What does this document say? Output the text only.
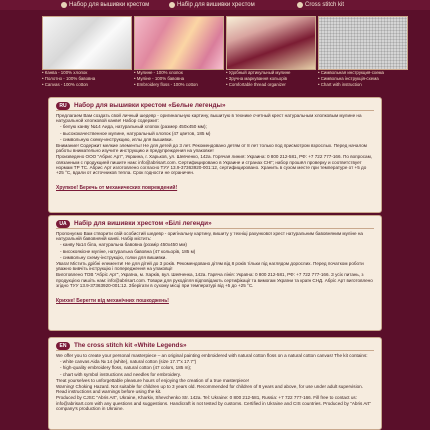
Набор для вышивки крестом	Набір для вишивки хрестом	Cross stitch kit
• Канва - 100% хлопок
• Полотно - 100% бавовна
• Canvas - 100% cotton
• Мулине - 100% хлопок
• Муліне - 100% бавовна
• Embroidery floss - 100% cotton
• Удобный артикульный мулине
• Зручна маркування кольорів
• Comfortable thread organizer
• Символьная инструкция-схема
• Символьна інструкція-схема
• Chart with instruction
RU	Набор для вышивки крестом «Белые легенды»

Предлагаем Вам создать свой личный шедевр - оригинальную картину, вышитую в технике счетный крест натуральным хлопковым мулине на натуральной хлопковой канве! Набор содержит:

- белую канву №14 Аида, натуральный хлопок (размер 450х450 мм);

- высококачественное мулине, натуральный хлопок (47 цветов, 185 м)

- символьную схему-инструкцию, иглы для вышивки.

Внимание! Содержит мелкие элементы! Не для детей до 3 лет. Рекомендовано детям от 8 лет только под присмотром взрослых. Перед началом работы внимательно изучите инструкцию и предупреждения на упаковке!

Произведено ООО "Абрис Арт", Украина, г. Харьков, ул. Шевченко, 142а. Горячая линия: Украина: 0 800 212-581, РФ: +7 722 777-166. По вопросам, связанным с продукцией пишите нам: info@abrisart.com. Сертифицировано в Украине и странах СНГ; набор прошёл проверку и соответствует нормам ТР ТС. Абрис Арт изготовлено согласно ТУУ 13.9-37363920-001:12, сертифицировано. Хранить в сухом месте при температуре от +5 до +25 °С, вдали от источников тепла. Срок годности не ограничен.

Хрупкое! Беречь от механических повреждений!
UA	Набір для вишивки хрестом «Білі легенди»

Пропонуємо Вам створити свій особистий шедевр - оригінальну картину, вишиту у техніці рахункової хрест натуральним бавовняним муліне на натуральній бавовняній канві. Набір містить:

- канву №14 біла, натуральна бавовна (розмір 450х450 мм)

- високоякісне муліне, натуральна бавовна (47 кольорів, 185 м)

- символьну схему-інструкцію, голки для вишивки.

Увага! Містить дрібні елементи! Не для дітей до 3 років. Рекомендовано дітям від 8 років тільки під наглядом дорослих. Перед початком роботи уважно вивчіть інструкцію і попередження на упаковці!

Виготовлено ТОВ "Абріс Арт", Україна, м. Харків, вул. Шевченка, 142а. Гаряча лінія: Україна: 0 800 212-581, РФ: +7 722 777-166. З усіх питань, з продукцією пишіть нам: info@abrisart.com. Товари для рукоділля відповідають сертифікації та вимогам України та країн СНД. Абріс Арт виготовлено згідно ТУУ 13.9-37363920-001:12. Зберігати в сухому місці при температурі від +5 до +25 °С.

Крихке! Берегти від механічних пошкоджень!
EN	The cross stitch kit «White Legends»

We offer you to create your personal masterpiece – an original painting embroidered with natural cotton floss on a natural cotton canvas! The kit contains:

- white canvas Aida № 14 (white), natural cotton (size 17.7"x 17.7")

- high-quality embroidery floss, natural cotton (47 colors, 185 m);

- chart with symbol instructions and needles for embroidery.

Treat yourselves to unforgettable pleasure hours of enjoying the creation of a true masterpiece!

Warning! Choking Hazard. Not suitable for children up to 3 years old. Recommended for children of 8 years and above, for use under adult supervision. Read instructions and warnings before using the kit.

Produced by CJSC "Abris Art", Ukraine, Kharkiv, Shevchenko Str. 142a. Tel: Ukraine: 0 800 212-581, Russia: +7 722 777-166. Fill free to contact us: info@abrisart.com with any questions and suggestions. Handicraft is not tested by customs. Certified in Ukraine and CIS countries. Produced by "Abris Art" company's production in Ukraine.
